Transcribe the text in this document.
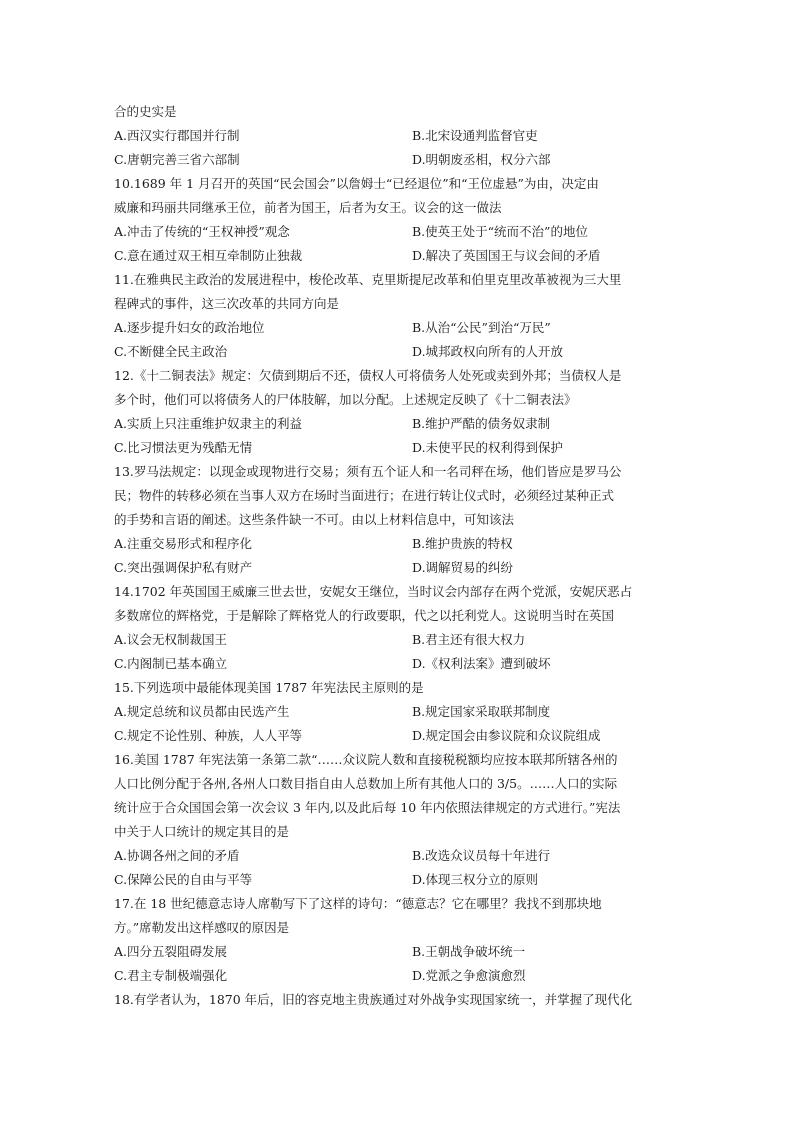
合的史实是
A.西汉实行郡国并行制	B.北宋设通判监督官吏
C.唐朝完善三省六部制	D.明朝废丞相，权分六部
10.1689 年 1 月召开的英国“民会国会”以詹姆士“已经退位”和“王位虚悬”为由，决定由
威廉和玛丽共同继承王位，前者为国王，后者为女王。议会的这一做法
A.冲击了传统的“王权神授”观念	B.使英王处于“统而不治”的地位
C.意在通过双王相互牵制防止独裁	D.解决了英国国王与议会间的矛盾
11.在雅典民主政治的发展进程中，梭伦改革、克里斯提尼改革和伯里克里改革被视为三大里
程碑式的事件，这三次改革的共同方向是
A.逐步提升妇女的政治地位	B.从治“公民”到治“万民”
C.不断健全民主政治	D.城邦政权向所有的人开放
12.《十二铜表法》规定：欠债到期后不还，债权人可将债务人处死或卖到外邦；当债权人是
多个时，他们可以将债务人的尸体肢解，加以分配。上述规定反映了《十二铜表法》
A.实质上只注重维护奴隶主的利益	B.维护严酷的债务奴隶制
C.比习惯法更为残酷无情	D.未使平民的权利得到保护
13.罗马法规定：以现金或现物进行交易；须有五个证人和一名司秤在场，他们皆应是罗马公
民；物件的转移必须在当事人双方在场时当面进行；在进行转让仪式时，必须经过某种正式
的手势和言语的阐述。这些条件缺一不可。由以上材料信息中，可知该法
A.注重交易形式和程序化	B.维护贵族的特权
C.突出强调保护私有财产	D.调解贸易的纠纷
14.1702 年英国国王威廉三世去世，安妮女王继位，当时议会内部存在两个党派，安妮厌恶占
多数席位的辉格党，于是解除了辉格党人的行政要职，代之以托利党人。这说明当时在英国
A.议会无权制裁国王	B.君主还有很大权力
C.内阁制已基本确立	D.《权利法案》遭到破坏
15.下列选项中最能体现美国 1787 年宪法民主原则的是
A.规定总统和议员都由民选产生	B.规定国家采取联邦制度
C.规定不论性别、种族，人人平等	D.规定国会由参议院和众议院组成
16.美国 1787 年宪法第一条第二款“……众议院人数和直接税税额均应按本联邦所辖各州的
人口比例分配于各州,各州人口数目指自由人总数加上所有其他人口的 3/5。……人口的实际
统计应于合众国国会第一次会议 3 年内,以及此后每 10 年内依照法律规定的方式进行。”宪法
中关于人口统计的规定其目的是
A.协调各州之间的矛盾	B.改选众议员每十年进行
C.保障公民的自由与平等	D.体现三权分立的原则
17.在 18 世纪德意志诗人席勒写下了这样的诗句：“德意志？它在哪里？我找不到那块地
方。”席勒发出这样感叹的原因是
A.四分五裂阻碍发展	B.王朝战争破坏统一
C.君主专制极端强化	D.党派之争愈演愈烈
18.有学者认为，1870 年后，旧的容克地主贵族通过对外战争实现国家统一，并掌握了现代化
